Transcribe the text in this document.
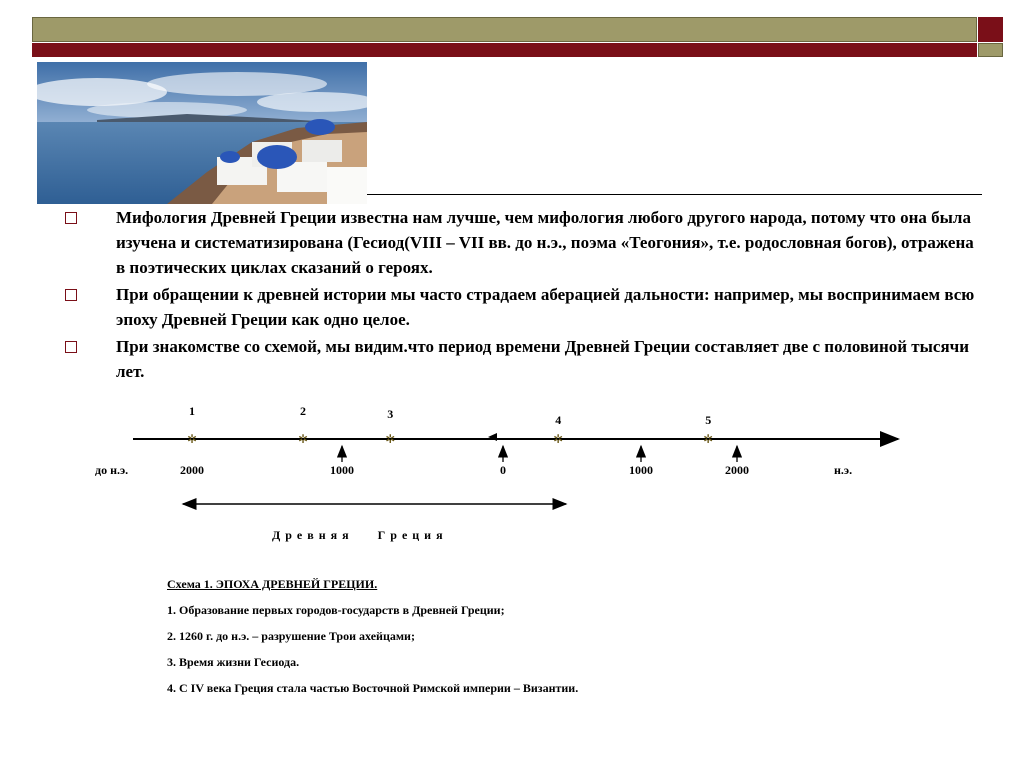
Мифология Древней Греции известна нам лучше, чем мифология любого другого народа, потому что она была изучена и систематизирована (Гесиод(VIII – VII вв. до н.э., поэма «Теогония», т.е. родословная богов), отражена в поэтических циклах сказаний о героях.
При обращении к древней истории мы часто страдаем аберацией дальности: например, мы воспринимаем всю эпоху Древней Греции как одно целое.
При знакомстве со схемой, мы видим.что период времени Древней Греции составляет две с половиной тысячи лет.
✲
1
✲
2
✲
3
✲
4
✲
5
2000	1000	0	1000	2000
до н.э.	н.э.
Д р е в н я я       Г р е ц и я
Схема 1. ЭПОХА ДРЕВНЕЙ ГРЕЦИИ.
1. Образование первых городов-государств в Древней Греции;
2. 1260 г. до н.э. – разрушение Трои ахейцами;
3. Время жизни Гесиода.
4. С IV века Греция стала частью Восточной Римской империи – Византии.
